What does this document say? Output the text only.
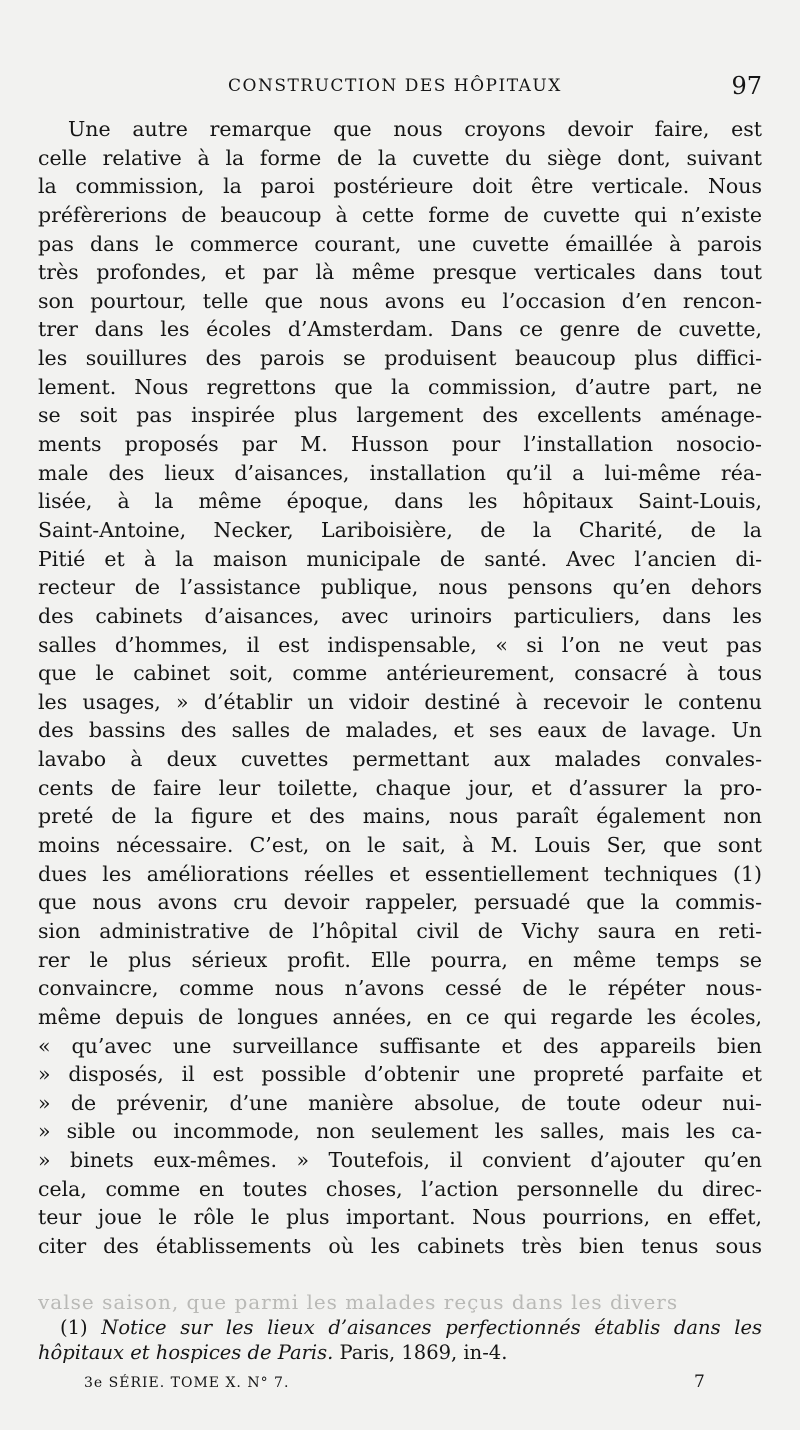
CONSTRUCTION DES HÔPITAUX	97
valse saison, que parmi les malades reçus dans les divers
Une autre remarque que nous croyons devoir faire, est
celle relative à la forme de la cuvette du siège dont, suivant
la commission, la paroi postérieure doit être verticale. Nous
préfèrerions de beaucoup à cette forme de cuvette qui n’existe
pas dans le commerce courant, une cuvette émaillée à parois
très profondes, et par là même presque verticales dans tout
son pourtour, telle que nous avons eu l’occasion d’en rencon-
trer dans les écoles d’Amsterdam. Dans ce genre de cuvette,
les souillures des parois se produisent beaucoup plus diffici-
lement. Nous regrettons que la commission, d’autre part, ne
se soit pas inspirée plus largement des excellents aménage-
ments proposés par M. Husson pour l’installation nosocio-
male des lieux d’aisances, installation qu’il a lui-même réa-
lisée, à la même époque, dans les hôpitaux Saint-Louis,
Saint-Antoine, Necker, Lariboisière, de la Charité, de la
Pitié et à la maison municipale de santé. Avec l’ancien di-
recteur de l’assistance publique, nous pensons qu’en dehors
des cabinets d’aisances, avec urinoirs particuliers, dans les
salles d’hommes, il est indispensable, « si l’on ne veut pas
que le cabinet soit, comme antérieurement, consacré à tous
les usages, » d’établir un vidoir destiné à recevoir le contenu
des bassins des salles de malades, et ses eaux de lavage. Un
lavabo à deux cuvettes permettant aux malades convales-
cents de faire leur toilette, chaque jour, et d’assurer la pro-
preté de la figure et des mains, nous paraît également non
moins nécessaire. C’est, on le sait, à M. Louis Ser, que sont
dues les améliorations réelles et essentiellement techniques (1)
que nous avons cru devoir rappeler, persuadé que la commis-
sion administrative de l’hôpital civil de Vichy saura en reti-
rer le plus sérieux profit. Elle pourra, en même temps se
convaincre, comme nous n’avons cessé de le répéter nous-
même depuis de longues années, en ce qui regarde les écoles,
« qu’avec une surveillance suffisante et des appareils bien
» disposés, il est possible d’obtenir une propreté parfaite et
» de prévenir, d’une manière absolue, de toute odeur nui-
» sible ou incommode, non seulement les salles, mais les ca-
» binets eux-mêmes. » Toutefois, il convient d’ajouter qu’en
cela, comme en toutes choses, l’action personnelle du direc-
teur joue le rôle le plus important. Nous pourrions, en effet,
citer des établissements où les cabinets très bien tenus sous
(1) Notice sur les lieux d’aisances perfectionnés établis dans les
hôpitaux et hospices de Paris. Paris, 1869, in-4.
3e SÉRIE. TOME X. N° 7.	7
